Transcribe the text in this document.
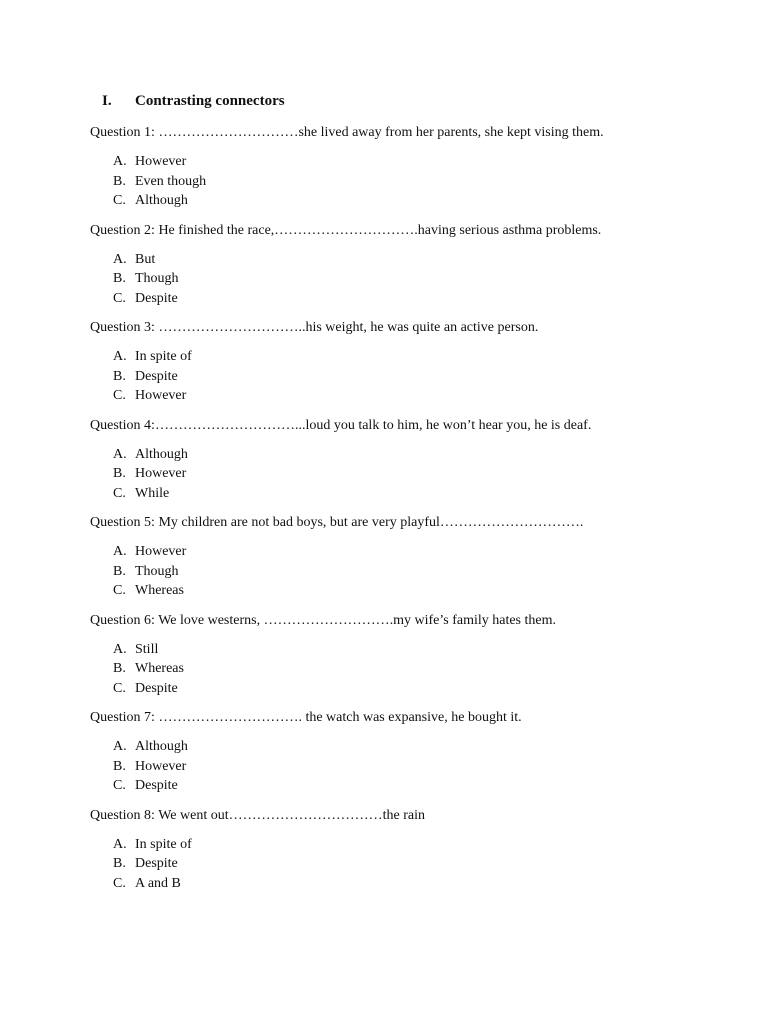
I. Contrasting connectors
Question 1: …………………………she lived away from her parents, she kept vising them.
A. However
B. Even though
C. Although
Question 2: He finished the race,………………………….having serious asthma problems.
A. But
B. Though
C. Despite
Question 3: …………………………..his weight, he was quite an active person.
A. In spite of
B. Despite
C. However
Question 4:…………………………...loud you talk to him, he won’t hear you, he is deaf.
A. Although
B. However
C. While
Question 5: My children are not bad boys, but are very playful………………………….
A. However
B. Though
C. Whereas
Question 6: We love westerns, ……………………….my wife’s family hates them.
A. Still
B. Whereas
C. Despite
Question 7: …………………………. the watch was expansive, he bought it.
A. Although
B. However
C. Despite
Question 8: We went out……………………………the rain
A. In spite of
B. Despite
C. A and B
